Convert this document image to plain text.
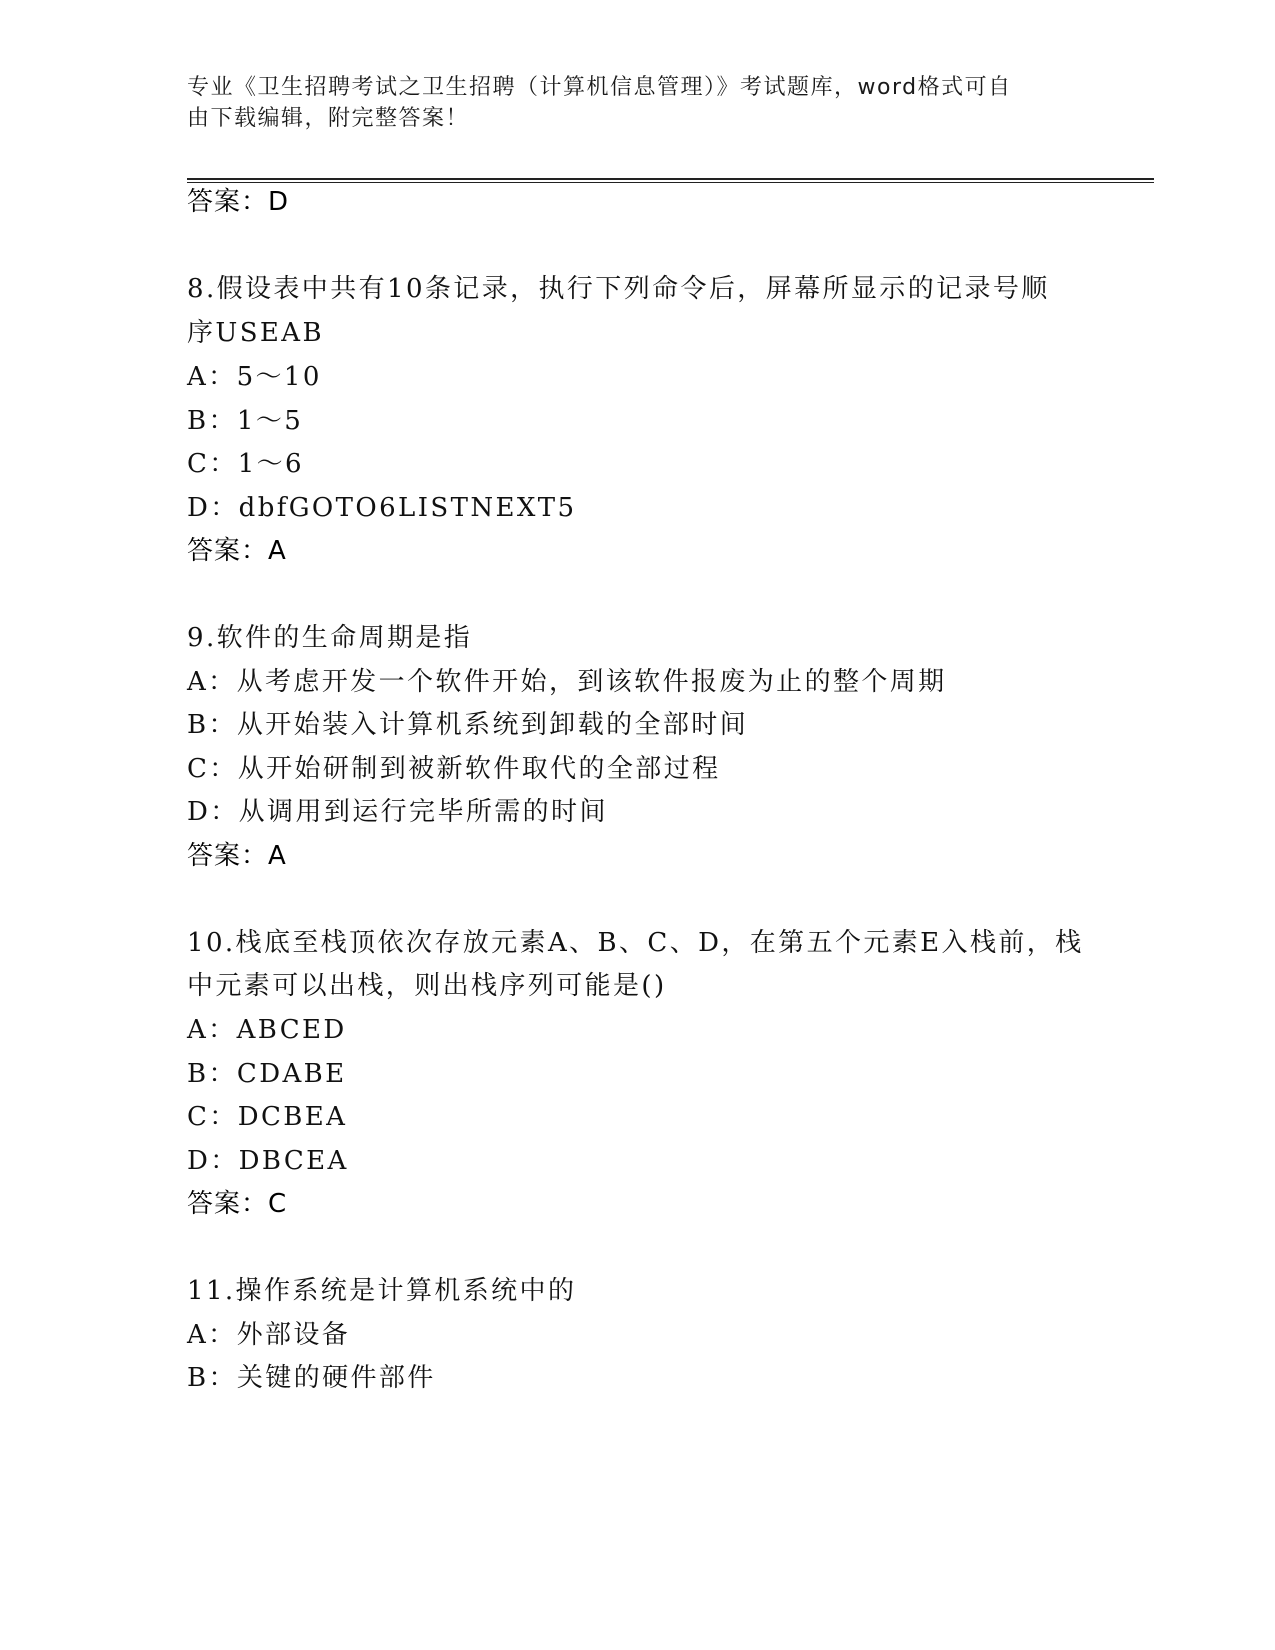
专业《卫生招聘考试之卫生招聘（计算机信息管理）》考试题库，word格式可自
由下载编辑，附完整答案！
答案：D
8.假设表中共有10条记录，执行下列命令后，屏幕所显示的记录号顺
序USEAB
A：5～10
B：1～5
C：1～6
D：dbfGOTO6LISTNEXT5
答案：A
9.软件的生命周期是指
A：从考虑开发一个软件开始，到该软件报废为止的整个周期
B：从开始装入计算机系统到卸载的全部时间
C：从开始研制到被新软件取代的全部过程
D：从调用到运行完毕所需的时间
答案：A
10.栈底至栈顶依次存放元素A、B、C、D，在第五个元素E入栈前，栈
中元素可以出栈，则出栈序列可能是()
A：ABCED
B：CDABE
C：DCBEA
D：DBCEA
答案：C
11.操作系统是计算机系统中的
A：外部设备
B：关键的硬件部件
